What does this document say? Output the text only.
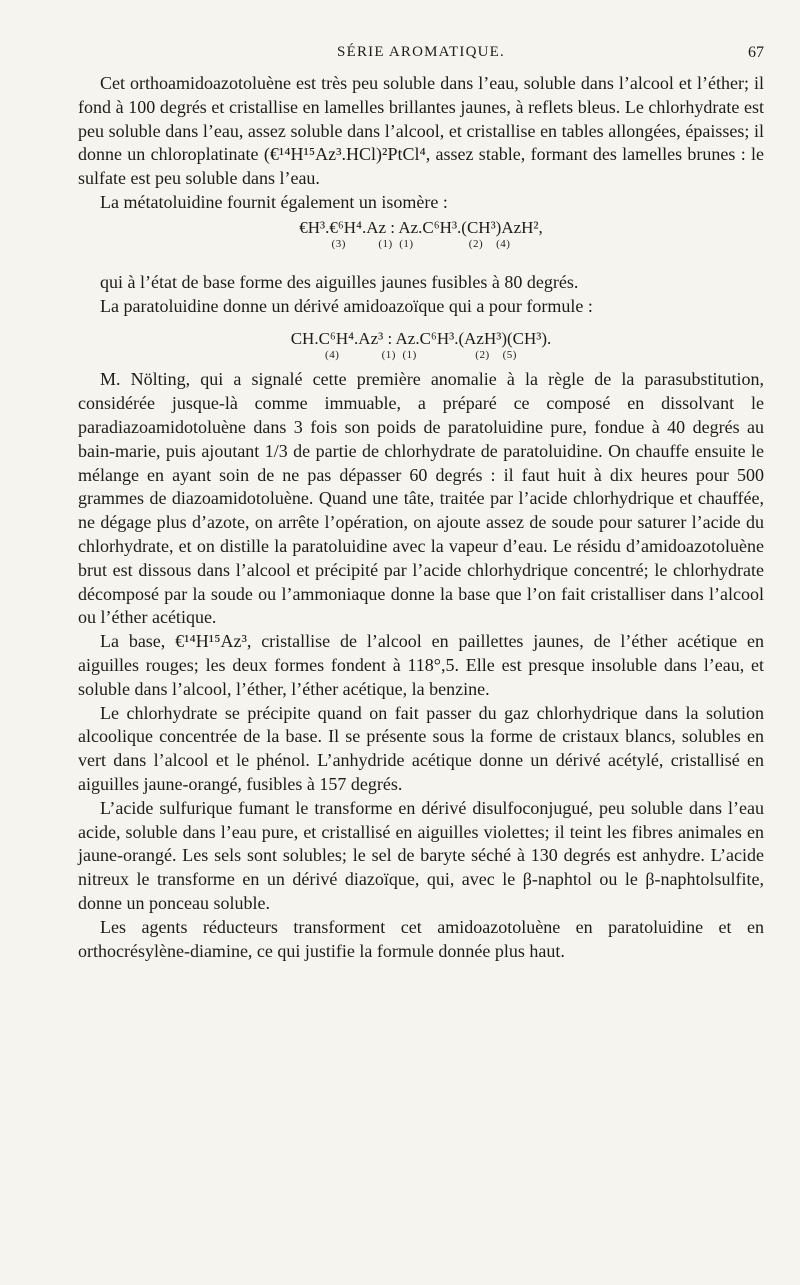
SÉRIE AROMATIQUE.	67

Cet orthoamidoazotoluène est très peu soluble dans l’eau, soluble dans l’alcool et l’éther; il fond à 100 degrés et cristallise en lamelles brillantes jaunes, à reflets bleus. Le chlorhydrate est peu soluble dans l’eau, assez soluble dans l’alcool, et cristallise en tables allongées, épaisses; il donne un chloroplatinate (€¹⁴H¹⁵Az³.HCl)²PtCl⁴, assez stable, formant des lamelles brunes : le sulfate est peu soluble dans l’eau.

La métatoluidine fournit également un isomère :

€H³.€⁶H⁴.Az : Az.C⁶H³.(CH³)AzH²,
(3)          (1)  (1)                 (2)    (4)

qui à l’état de base forme des aiguilles jaunes fusibles à 80 degrés.

La paratoluidine donne un dérivé amidoazoïque qui a pour formule :

CH.C⁶H⁴.Az³ : Az.C⁶H³.(AzH³)(CH³).
(4)             (1)  (1)                  (2)    (5)

M. Nölting, qui a signalé cette première anomalie à la règle de la parasubstitution, considérée jusque-là comme immuable, a préparé ce composé en dissolvant le paradiazoamidotoluène dans 3 fois son poids de paratoluidine pure, fondue à 40 degrés au bain-marie, puis ajoutant 1/3 de partie de chlorhydrate de paratoluidine. On chauffe ensuite le mélange en ayant soin de ne pas dépasser 60 degrés : il faut huit à dix heures pour 500 grammes de diazoamidotoluène. Quand une tâte, traitée par l’acide chlorhydrique et chauffée, ne dégage plus d’azote, on arrête l’opération, on ajoute assez de soude pour saturer l’acide du chlorhydrate, et on distille la paratoluidine avec la vapeur d’eau. Le résidu d’amidoazotoluène brut est dissous dans l’alcool et précipité par l’acide chlorhydrique concentré; le chlorhydrate décomposé par la soude ou l’ammoniaque donne la base que l’on fait cristalliser dans l’alcool ou l’éther acétique.

La base, €¹⁴H¹⁵Az³, cristallise de l’alcool en paillettes jaunes, de l’éther acétique en aiguilles rouges; les deux formes fondent à 118°,5. Elle est presque insoluble dans l’eau, et soluble dans l’alcool, l’éther, l’éther acétique, la benzine.

Le chlorhydrate se précipite quand on fait passer du gaz chlorhydrique dans la solution alcoolique concentrée de la base. Il se présente sous la forme de cristaux blancs, solubles en vert dans l’alcool et le phénol. L’anhydride acétique donne un dérivé acétylé, cristallisé en aiguilles jaune-orangé, fusibles à 157 degrés.

L’acide sulfurique fumant le transforme en dérivé disulfoconjugué, peu soluble dans l’eau acide, soluble dans l’eau pure, et cristallisé en aiguilles violettes; il teint les fibres animales en jaune-orangé. Les sels sont solubles; le sel de baryte séché à 130 degrés est anhydre. L’acide nitreux le transforme en un dérivé diazoïque, qui, avec le β-naphtol ou le β-naphtolsulfite, donne un ponceau soluble.

Les agents réducteurs transforment cet amidoazotoluène en paratoluidine et en orthocrésylène-diamine, ce qui justifie la formule donnée plus haut.
